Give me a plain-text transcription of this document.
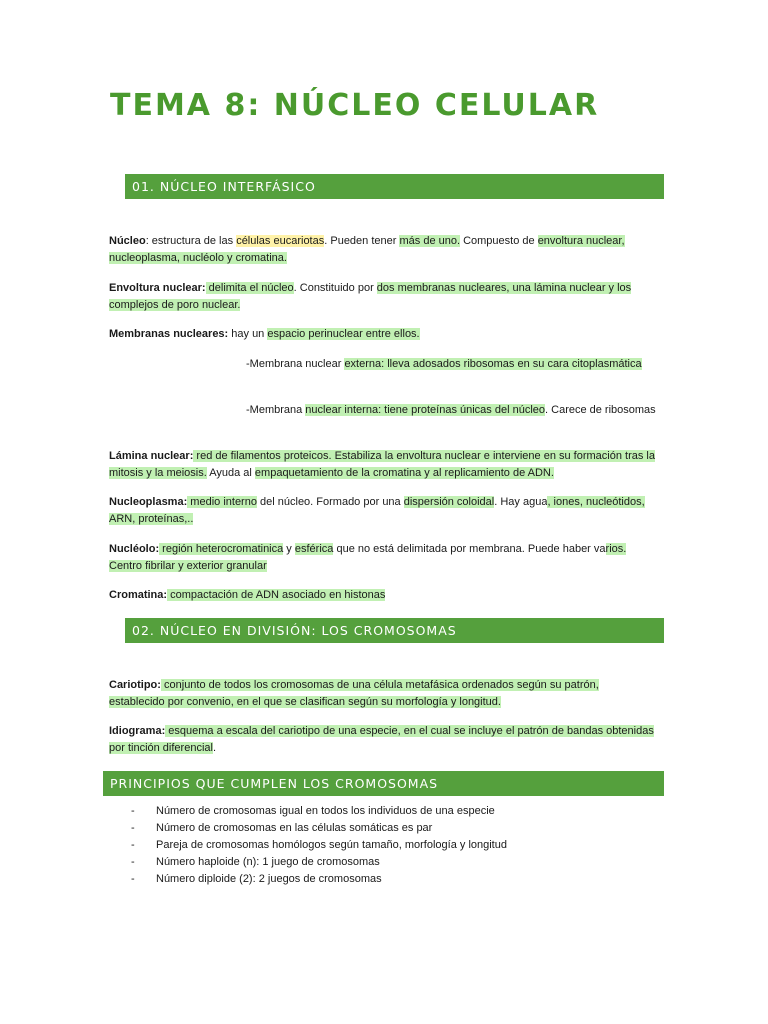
TEMA 8: NÚCLEO CELULAR
01. NÚCLEO INTERFÁSICO

Núcleo: estructura de las células eucariotas. Pueden tener más de uno. Compuesto de envoltura nuclear, nucleoplasma, nucléolo y cromatina.

Envoltura nuclear: delimita el núcleo. Constituido por dos membranas nucleares, una lámina nuclear y los complejos de poro nuclear.

Membranas nucleares: hay un espacio perinuclear entre ellos.

-Membrana nuclear externa: lleva adosados ribosomas en su cara citoplasmática

-Membrana nuclear interna: tiene proteínas únicas del núcleo. Carece de ribosomas

Lámina nuclear: red de filamentos proteicos. Estabiliza la envoltura nuclear e interviene en su formación tras la mitosis y la meiosis. Ayuda al empaquetamiento de la cromatina y al replicamiento de ADN.

Nucleoplasma: medio interno del núcleo. Formado por una dispersión coloidal. Hay agua, iones, nucleótidos, ARN, proteínas,..

Nucléolo: región heterocromatinica y esférica que no está delimitada por membrana. Puede haber varios. Centro fibrilar y exterior granular

Cromatina: compactación de ADN asociado en histonas

02. NÚCLEO EN DIVISIÓN: LOS CROMOSOMAS

Cariotipo: conjunto de todos los cromosomas de una célula metafásica ordenados según su patrón, establecido por convenio, en el que se clasifican según su morfología y longitud.

Idiograma: esquema a escala del cariotipo de una especie, en el cual se incluye el patrón de bandas obtenidas por tinción diferencial.

PRINCIPIOS QUE CUMPLEN LOS CROMOSOMAS
- Número de cromosomas igual en todos los individuos de una especie
- Número de cromosomas en las células somáticas es par
- Pareja de cromosomas homólogos según tamaño, morfología y longitud
- Número haploide (n): 1 juego de cromosomas
- Número diploide (2): 2 juegos de cromosomas
